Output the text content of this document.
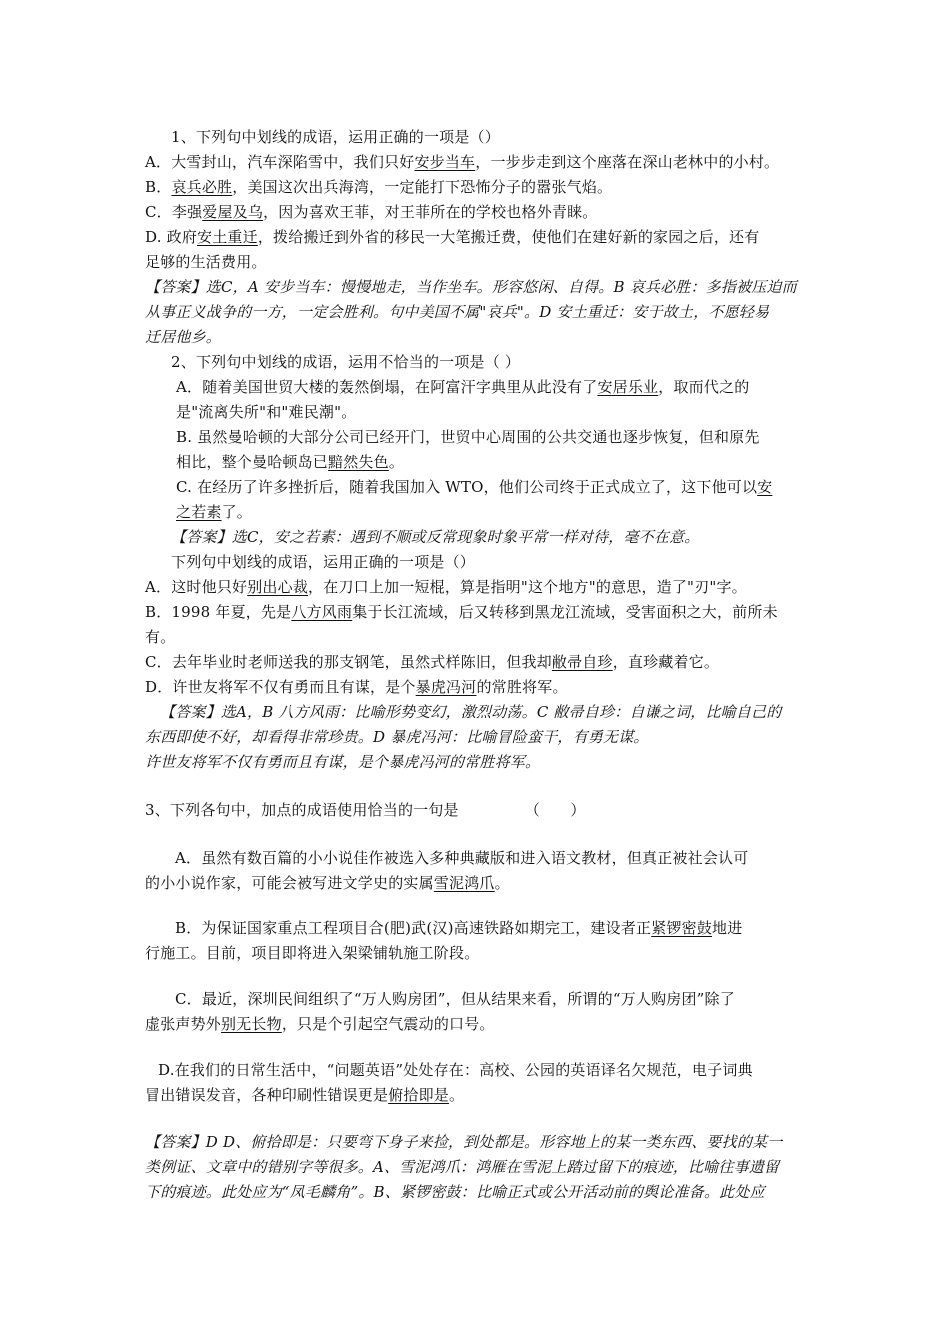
1、下列句中划线的成语，运用正确的一项是（）
A．大雪封山，汽车深陷雪中，我们只好安步当车，一步步走到这个座落在深山老林中的小村。
B．哀兵必胜，美国这次出兵海湾，一定能打下恐怖分子的嚣张气焰。
C．李强爱屋及乌，因为喜欢王菲，对王菲所在的学校也格外青睐。
D. 政府安土重迁，拨给搬迁到外省的移民一大笔搬迁费，使他们在建好新的家园之后，还有
足够的生活费用。
【答案】选C，A 安步当车：慢慢地走，当作坐车。形容悠闲、自得。B 哀兵必胜：多指被压迫而
从事正义战争的一方，一定会胜利。句中美国不属"哀兵"。D 安土重迁：安于故土，不愿轻易
迁居他乡。
2、下列句中划线的成语，运用不恰当的一项是（ ）
A．随着美国世贸大楼的轰然倒塌，在阿富汗字典里从此没有了安居乐业，取而代之的
是"流离失所"和"难民潮"。
B. 虽然曼哈顿的大部分公司已经开门，世贸中心周围的公共交通也逐步恢复，但和原先
相比，整个曼哈顿岛已黯然失色。
C. 在经历了许多挫折后，随着我国加入 WTO，他们公司终于正式成立了，这下他可以安
之若素了。
【答案】选C，安之若素：遇到不顺或反常现象时象平常一样对待，毫不在意。
下列句中划线的成语，运用正确的一项是（）
A．这时他只好别出心裁，在刀口上加一短棍，算是指明"这个地方"的意思，造了"刃"字。
B．1998 年夏，先是八方风雨集于长江流域，后又转移到黑龙江流域，受害面积之大，前所未
有。
C．去年毕业时老师送我的那支钢笔，虽然式样陈旧，但我却敝帚自珍，直珍藏着它。
D．许世友将军不仅有勇而且有谋，是个暴虎冯河的常胜将军。
【答案】选A，B 八方风雨：比喻形势变幻，激烈动荡。C 敝帚自珍：自谦之词，比喻自己的
东西即使不好，却看得非常珍贵。D 暴虎冯河：比喻冒险蛮干，有勇无谋。
许世友将军不仅有勇而且有谋，是个暴虎冯河的常胜将军。
3、下列各句中，加点的成语使用恰当的一句是	（　　）
A．虽然有数百篇的小小说佳作被选入多种典藏版和进入语文教材，但真正被社会认可
的小小说作家，可能会被写进文学史的实属雪泥鸿爪。
B．为保证国家重点工程项目合(肥)武(汉)高速铁路如期完工，建设者正紧锣密鼓地进
行施工。目前，项目即将进入架梁铺轨施工阶段。
C．最近，深圳民间组织了“万人购房团”，但从结果来看，所谓的“万人购房团”除了
虚张声势外别无长物，只是个引起空气震动的口号。
D.在我们的日常生活中，“问题英语”处处存在：高校、公园的英语译名欠规范，电子词典
冒出错误发音，各种印刷性错误更是俯拾即是。
【答案】D D、俯拾即是：只要弯下身子来捡，到处都是。形容地上的某一类东西、要找的某一
类例证、文章中的错别字等很多。A、雪泥鸿爪：鸿雁在雪泥上踏过留下的痕迹，比喻往事遗留
下的痕迹。此处应为“凤毛麟角”。B、紧锣密鼓：比喻正式或公开活动前的舆论准备。此处应
